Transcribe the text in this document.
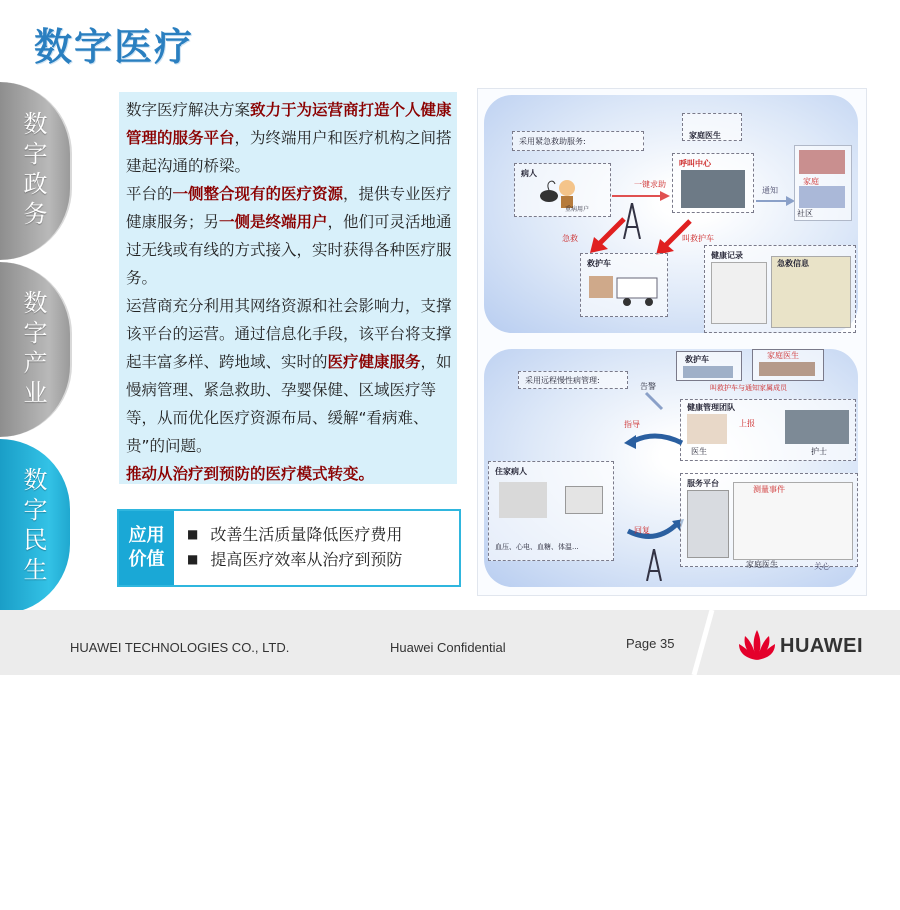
数字医疗
数字政务
数字产业
数字民生

数字医疗解决方案致力于为运营商打造个人健康管理的服务平台，为终端用户和医疗机构之间搭建起沟通的桥梁。

平台的一侧整合现有的医疗资源，提供专业医疗健康服务；另一侧是终端用户，他们可灵活地通过无线或有线的方式接入，实时获得各种医疗服务。

运营商充分利用其网络资源和社会影响力，支撑该平台的运营。通过信息化手段，该平台将支撑起丰富多样、跨地域、实时的医疗健康服务，如慢病管理、紧急救助、孕婴保健、区域医疗等等，从而优化医疗资源布局、缓解“看病难、贵”的问题。

推动从治疗到预防的医疗模式转变。

应用
价值
■ 改善生活质量降低医疗费用
■ 提高医疗效率从治疗到预防
采用紧急救助服务:
家庭医生
病人
重病用户
呼叫中心
一键求助
通知
家庭
社区
急救	叫救护车
救护车
健康记录
急救信息
采用远程慢性病管理:
救护车	家庭医生
告警	叫救护车与通知家属成员
健康管理团队
医生
上报
护士
指导
住家病人
血压、心电、血糖、体温...
回复
服务平台
测量事件
家庭医生	关心
HUAWEI TECHNOLOGIES CO., LTD.	Huawei Confidential	Page 35	HUAWEI
